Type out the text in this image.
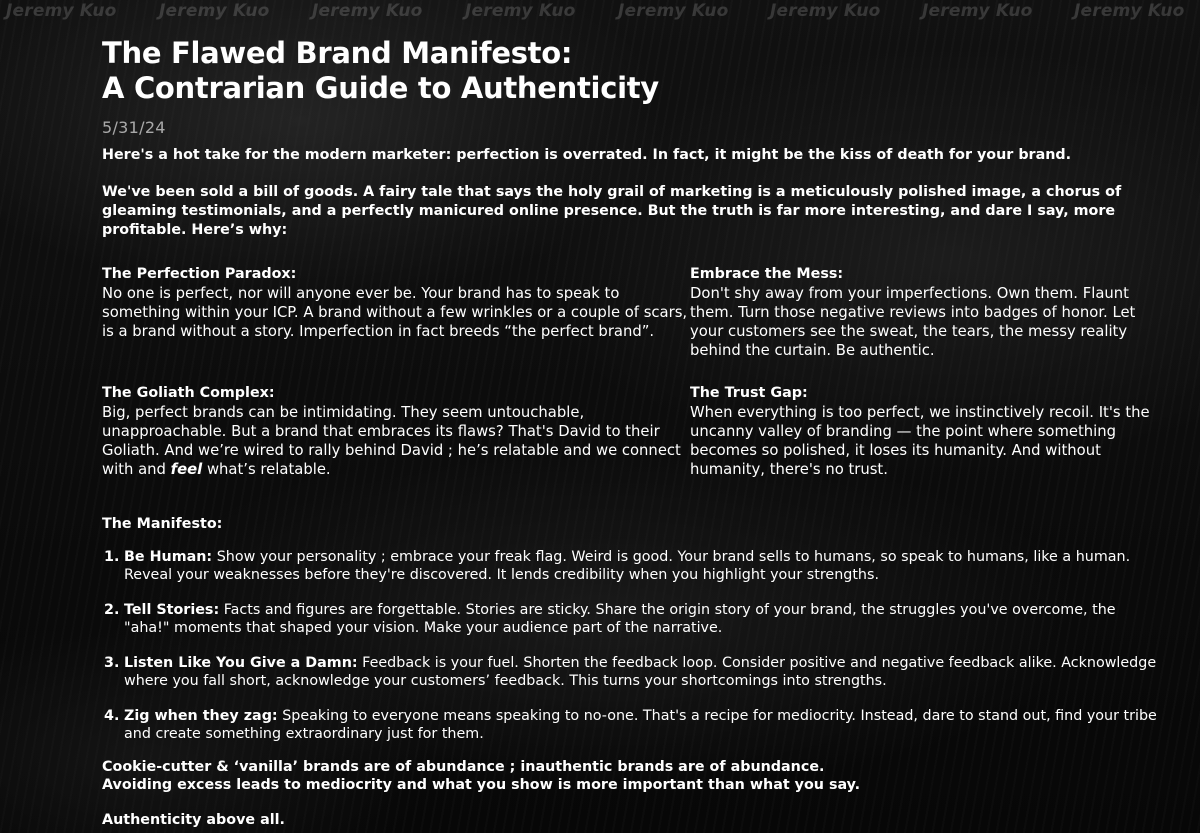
Jeremy Kuo Jeremy Kuo Jeremy Kuo Jeremy Kuo Jeremy Kuo Jeremy Kuo Jeremy Kuo Jeremy Kuo
The Flawed Brand Manifesto:
A Contrarian Guide to Authenticity
5/31/24

Here's a hot take for the modern marketer: perfection is overrated. In fact, it might be the kiss of death for your brand.

We've been sold a bill of goods. A fairy tale that says the holy grail of marketing is a meticulously polished image, a chorus of gleaming testimonials, and a perfectly manicured online presence. But the truth is far more interesting, and dare I say, more profitable. Here’s why:

The Perfection Paradox:

No one is perfect, nor will anyone ever be. Your brand has to speak to something within your ICP. A brand without a few wrinkles or a couple of scars, is a brand without a story. Imperfection in fact breeds “the perfect brand”.

Embrace the Mess:

Don't shy away from your imperfections. Own them. Flaunt them. Turn those negative reviews into badges of honor. Let your customers see the sweat, the tears, the messy reality behind the curtain. Be authentic.

The Goliath Complex:

Big, perfect brands can be intimidating. They seem untouchable, unapproachable. But a brand that embraces its flaws? That's David to their Goliath. And we’re wired to rally behind David ; he’s relatable and we connect with and feel what’s relatable.

The Trust Gap:

When everything is too perfect, we instinctively recoil. It's the uncanny valley of branding — the point where something becomes so polished, it loses its humanity. And without humanity, there's no trust.

The Manifesto:
1. Be Human: Show your personality ; embrace your freak flag. Weird is good. Your brand sells to humans, so speak to humans, like a human. Reveal your weaknesses before they're discovered. It lends credibility when you highlight your strengths.
2. Tell Stories: Facts and figures are forgettable. Stories are sticky. Share the origin story of your brand, the struggles you've overcome, the "aha!" moments that shaped your vision. Make your audience part of the narrative.
3. Listen Like You Give a Damn: Feedback is your fuel. Shorten the feedback loop. Consider positive and negative feedback alike. Acknowledge where you fall short, acknowledge your customers’ feedback. This turns your shortcomings into strengths.
4. Zig when they zag: Speaking to everyone means speaking to no-one. That's a recipe for mediocrity. Instead, dare to stand out, find your tribe and create something extraordinary just for them.

Cookie-cutter & ‘vanilla’ brands are of abundance ; inauthentic brands are of abundance.

Avoiding excess leads to mediocrity and what you show is more important than what you say.

Authenticity above all.
